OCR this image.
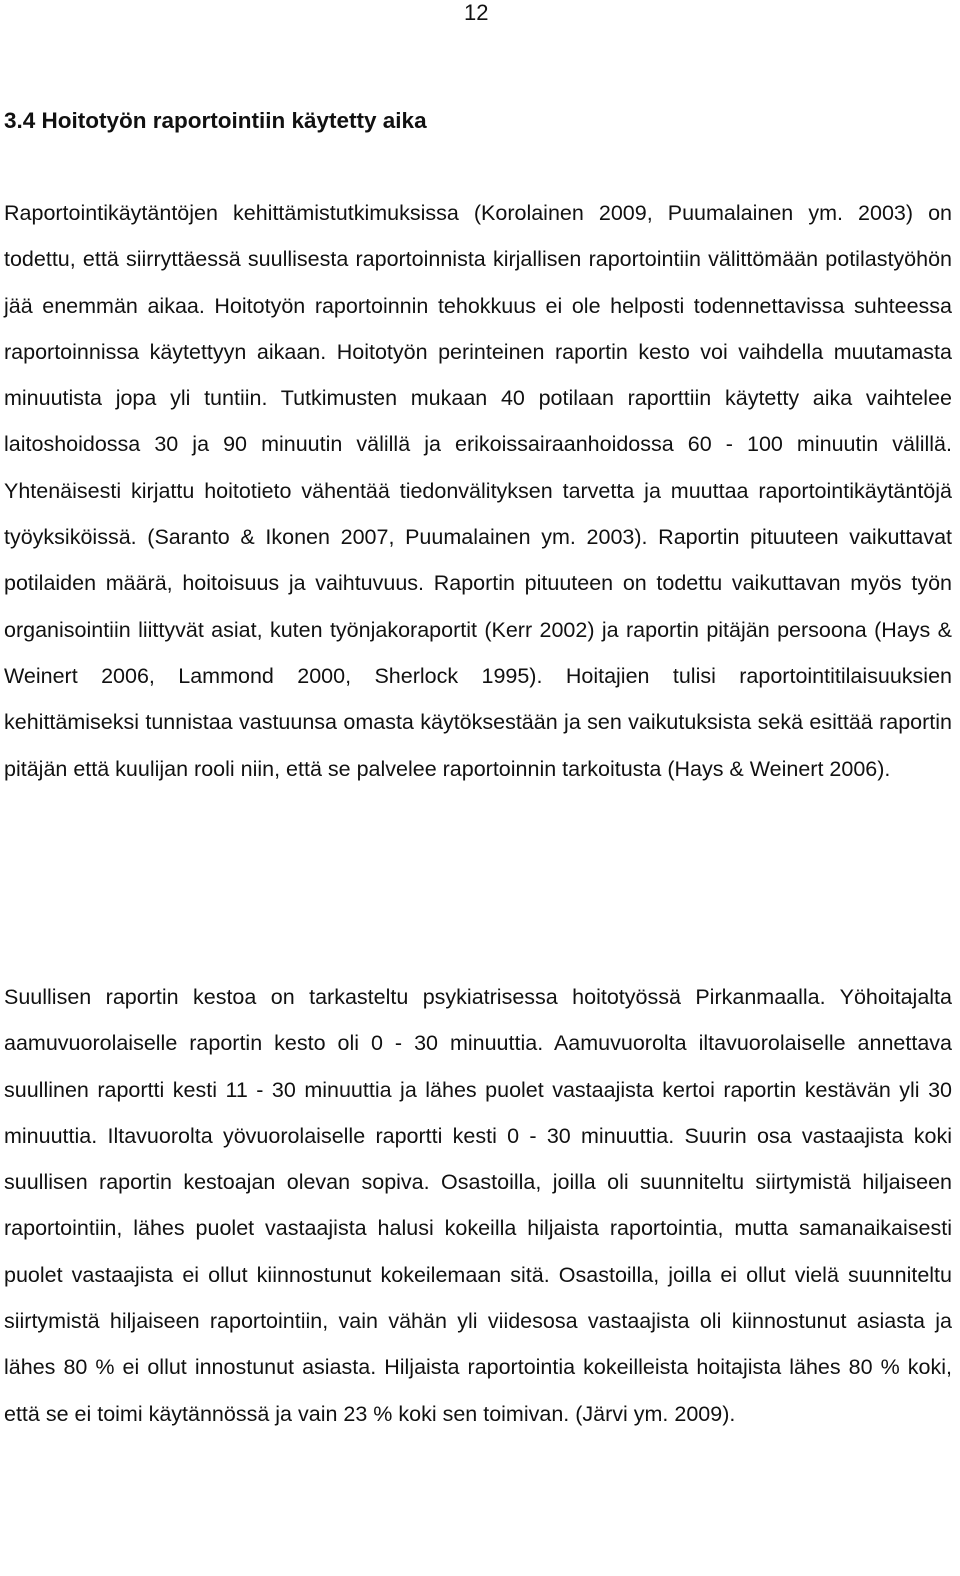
12
3.4 Hoitotyön raportointiin käytetty aika

Raportointikäytäntöjen kehittämistutkimuksissa (Korolainen 2009, Puumalainen ym. 2003) on todettu, että siirryttäessä suullisesta raportoinnista kirjallisen raportointiin välittömään potilastyöhön jää enemmän aikaa. Hoitotyön raportoinnin tehokkuus ei ole helposti todennettavissa suhteessa raportoinnissa käytettyyn aikaan. Hoitotyön perinteinen raportin kesto voi vaihdella muutamasta minuutista jopa yli tuntiin. Tutkimusten mukaan 40 potilaan raporttiin käytetty aika vaihtelee laitoshoidossa 30 ja 90 minuutin välillä ja erikoissairaanhoidossa 60 - 100 minuutin välillä. Yhtenäisesti kirjattu hoitotieto vähentää tiedonvälityksen tarvetta ja muuttaa raportointikäytäntöjä työyksiköissä. (Saranto & Ikonen 2007, Puumalainen ym. 2003). Raportin pituuteen vaikuttavat potilaiden määrä, hoitoisuus ja vaihtuvuus. Raportin pituuteen on todettu vaikuttavan myös työn organisointiin liittyvät asiat, kuten työnjakoraportit (Kerr 2002) ja raportin pitäjän persoona (Hays & Weinert 2006, Lammond 2000, Sherlock 1995). Hoitajien tulisi raportointitilaisuuksien kehittämiseksi tunnistaa vastuunsa omasta käytöksestään ja sen vaikutuksista sekä esittää raportin pitäjän että kuulijan rooli niin, että se palvelee raportoinnin tarkoitusta (Hays & Weinert 2006).

Suullisen raportin kestoa on tarkasteltu psykiatrisessa hoitotyössä Pirkanmaalla. Yöhoitajalta aamuvuorolaiselle raportin kesto oli 0 - 30 minuuttia. Aamuvuorolta iltavuorolaiselle annettava suullinen raportti kesti 11 - 30 minuuttia ja lähes puolet vastaajista kertoi raportin kestävän yli 30 minuuttia. Iltavuorolta yövuorolaiselle raportti kesti 0 - 30 minuuttia. Suurin osa vastaajista koki suullisen raportin kestoajan olevan sopiva. Osastoilla, joilla oli suunniteltu siirtymistä hiljaiseen raportointiin, lähes puolet vastaajista halusi kokeilla hiljaista raportointia, mutta samanaikaisesti puolet vastaajista ei ollut kiinnostunut kokeilemaan sitä. Osastoilla, joilla ei ollut vielä suunniteltu siirtymistä hiljaiseen raportointiin, vain vähän yli viidesosa vastaajista oli kiinnostunut asiasta ja lähes 80 % ei ollut innostunut asiasta. Hiljaista raportointia kokeilleista hoitajista lähes 80 % koki, että se ei toimi käytännössä ja vain 23 % koki sen toimivan. (Järvi ym. 2009).
